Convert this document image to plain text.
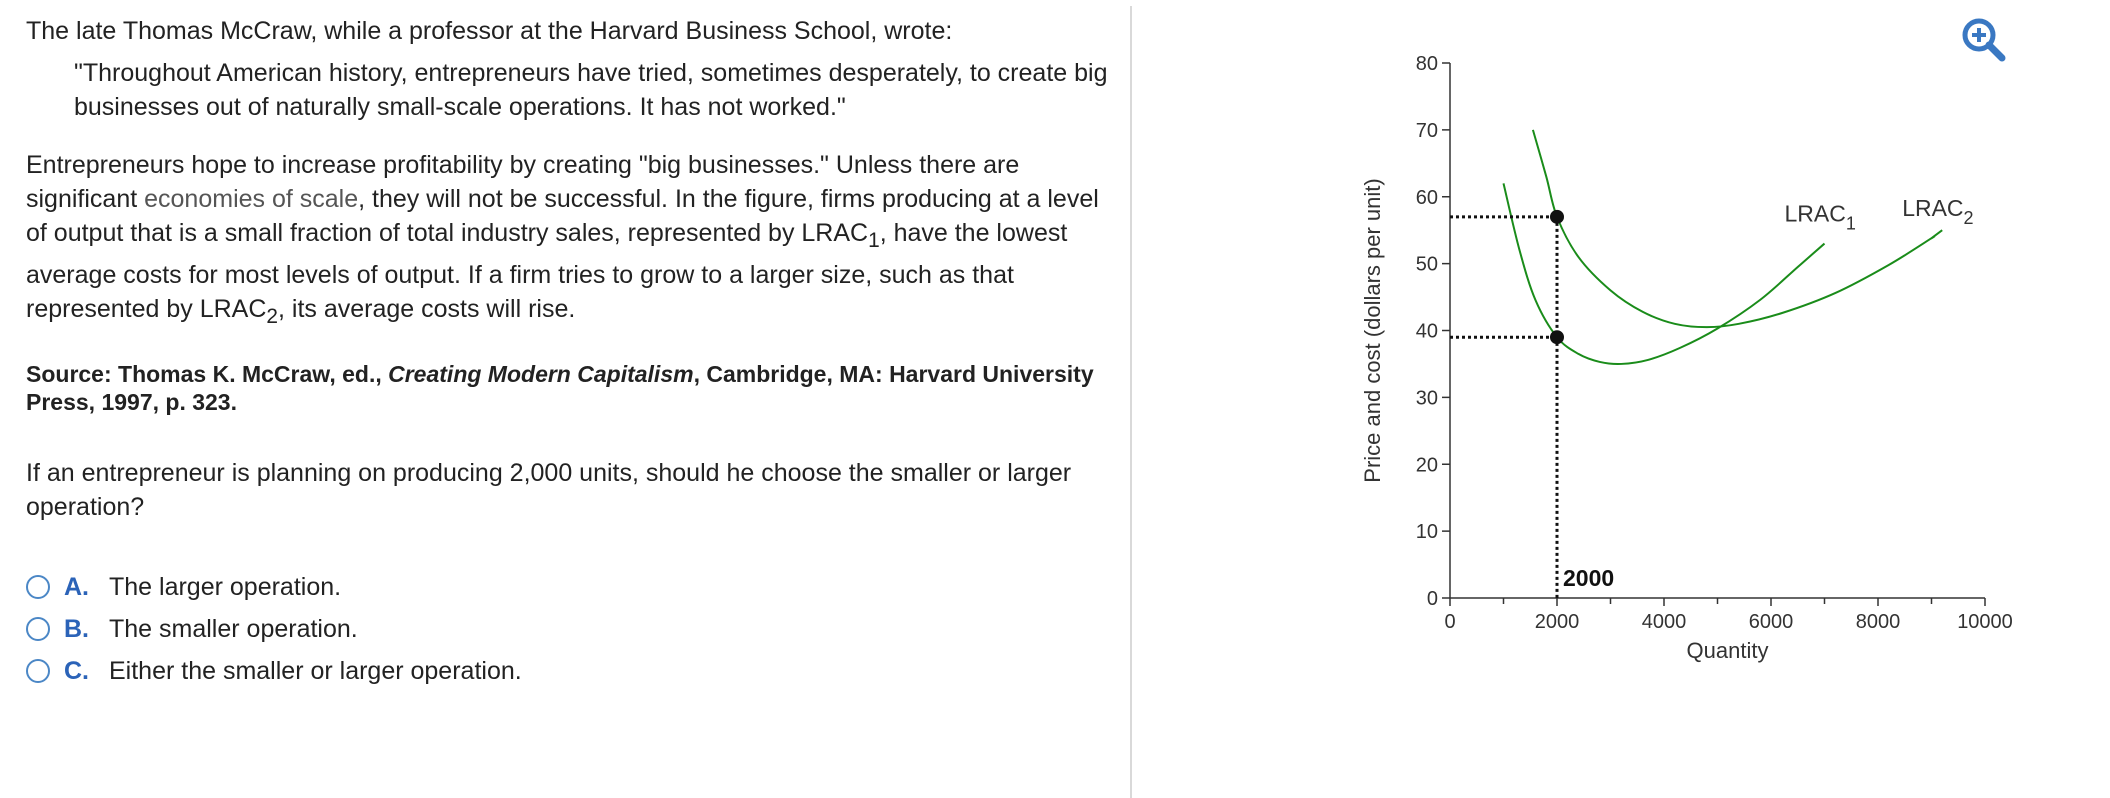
The late Thomas McCraw, while a professor at the Harvard Business School, wrote:

"Throughout American history, entrepreneurs have tried, sometimes desperately, to create big businesses out of naturally small-scale operations. It has not worked."

Entrepreneurs hope to increase profitability by creating "big businesses." Unless there are significant economies of scale, they will not be successful. In the figure, firms producing at a level of output that is a small fraction of total industry sales, represented by $LRAC_1$, have the lowest average costs for most levels of output. If a firm tries to grow to a larger size, such as that represented by $LRAC_2$, its average costs will rise.

Source: Thomas K. McCraw, ed., Creating Modern Capitalism, Cambridge, MA: Harvard University Press, 1997, p. 323.

If an entrepreneur is planning on producing 2,000 units, should he choose the smaller or larger operation?

A. The larger operation.
B. The smaller operation.
C. Either the smaller or larger operation.
0
10
20
30
40
50
60
70
80
0	2000	4000	6000	8000	10000
Quantity
Price and cost (dollars per unit)	$LRAC_1$
$LRAC_2$
2000
